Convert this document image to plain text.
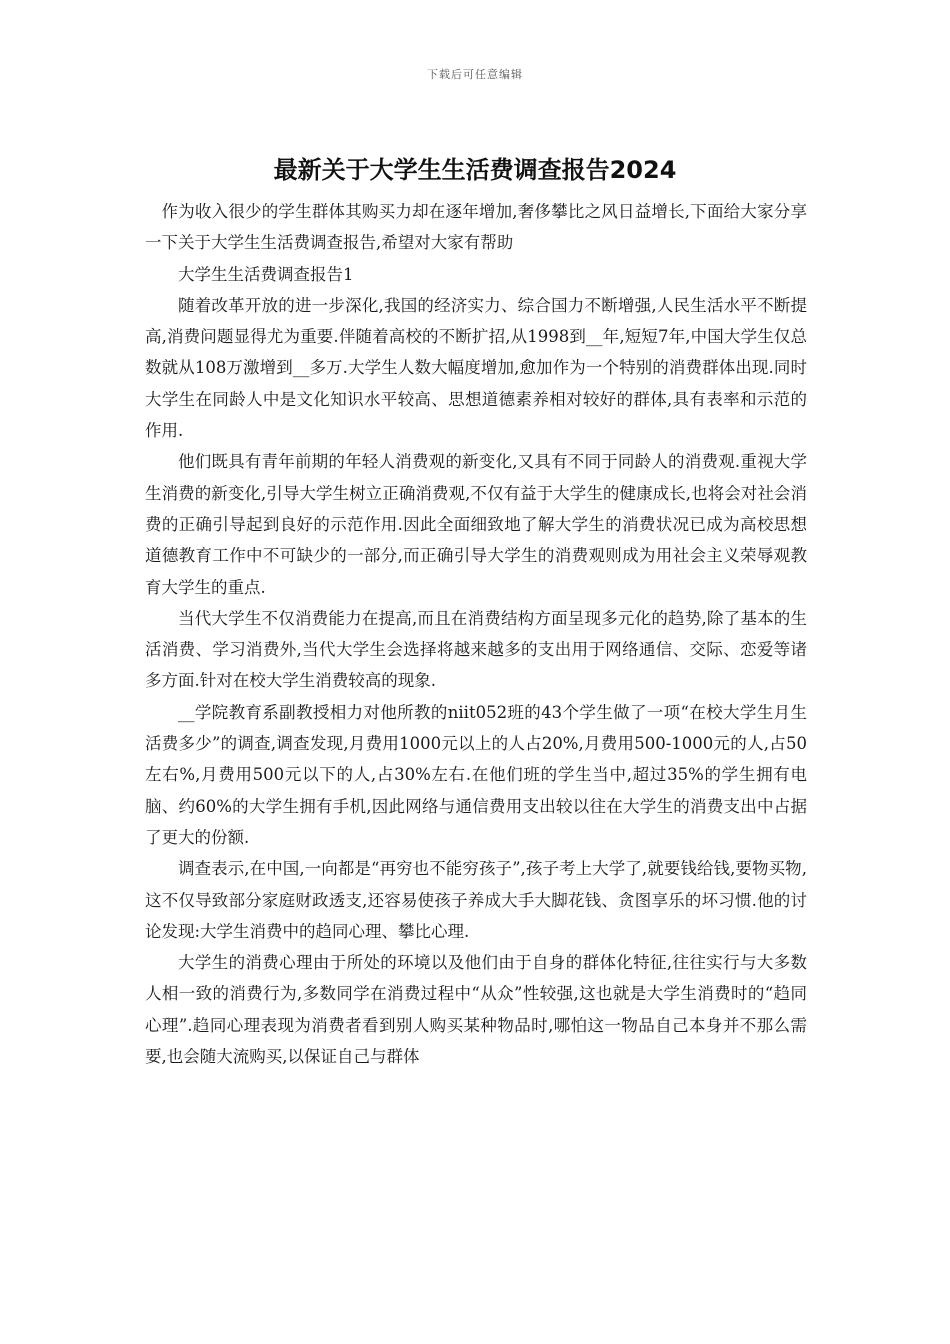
下载后可任意编辑
最新关于大学生生活费调查报告2024

作为收入很少的学生群体其购买力却在逐年增加,奢侈攀比之风日益增长,下面给大家分享一下关于大学生生活费调查报告,希望对大家有帮助

大学生生活费调查报告1

随着改革开放的进一步深化,我国的经济实力、综合国力不断增强,人民生活水平不断提高,消费问题显得尤为重要.伴随着高校的不断扩招,从1998到__年,短短7年,中国大学生仅总数就从108万激增到__多万.大学生人数大幅度增加,愈加作为一个特别的消费群体出现.同时大学生在同龄人中是文化知识水平较高、思想道德素养相对较好的群体,具有表率和示范的作用.

他们既具有青年前期的年轻人消费观的新变化,又具有不同于同龄人的消费观.重视大学生消费的新变化,引导大学生树立正确消费观,不仅有益于大学生的健康成长,也将会对社会消费的正确引导起到良好的示范作用.因此全面细致地了解大学生的消费状况已成为高校思想道德教育工作中不可缺少的一部分,而正确引导大学生的消费观则成为用社会主义荣辱观教育大学生的重点.

当代大学生不仅消费能力在提高,而且在消费结构方面呈现多元化的趋势,除了基本的生活消费、学习消费外,当代大学生会选择将越来越多的支出用于网络通信、交际、恋爱等诸多方面.针对在校大学生消费较高的现象.

__学院教育系副教授相力对他所教的niit052班的43个学生做了一项“在校大学生月生活费多少”的调查,调查发现,月费用1000元以上的人占20%,月费用500-1000元的人,占50左右%,月费用500元以下的人,占30%左右.在他们班的学生当中,超过35%的学生拥有电脑、约60%的大学生拥有手机,因此网络与通信费用支出较以往在大学生的消费支出中占据了更大的份额.

调查表示,在中国,一向都是“再穷也不能穷孩子”,孩子考上大学了,就要钱给钱,要物买物,这不仅导致部分家庭财政透支,还容易使孩子养成大手大脚花钱、贪图享乐的坏习惯.他的讨论发现:大学生消费中的趋同心理、攀比心理.

大学生的消费心理由于所处的环境以及他们由于自身的群体化特征,往往实行与大多数人相一致的消费行为,多数同学在消费过程中“从众”性较强,这也就是大学生消费时的“趋同心理”.趋同心理表现为消费者看到别人购买某种物品时,哪怕这一物品自己本身并不那么需要,也会随大流购买,以保证自己与群体
